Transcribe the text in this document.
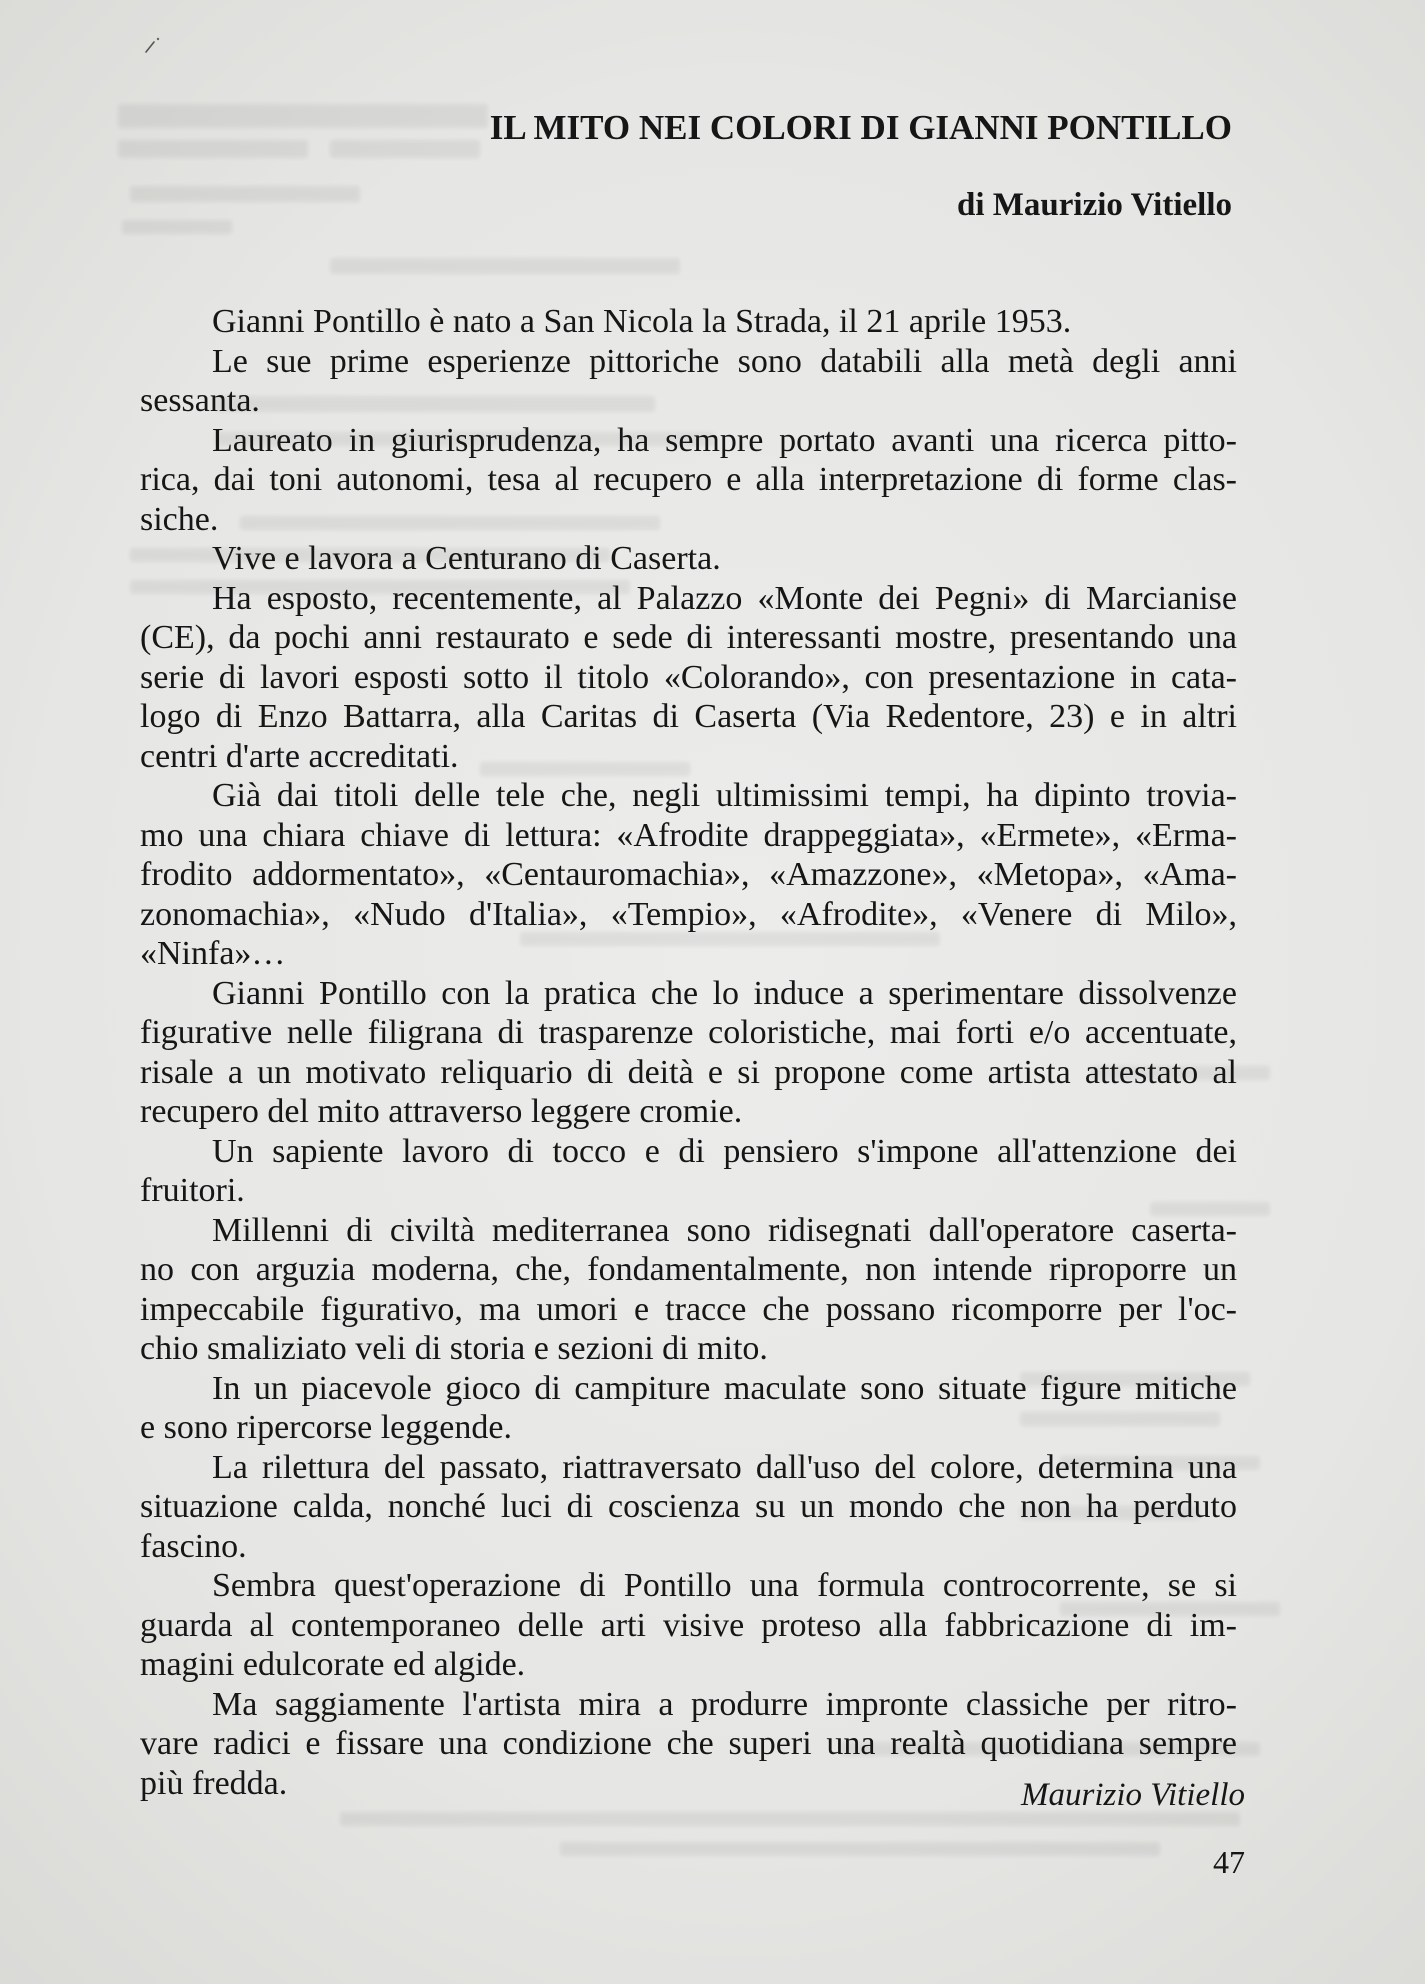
IL MITO NEI COLORI DI GIANNI PONTILLO
di Maurizio Vitiello
Gianni Pontillo è nato a San Nicola la Strada, il 21 aprile 1953.
Le sue prime esperienze pittoriche sono databili alla metà degli anni
sessanta.
Laureato in giurisprudenza, ha sempre portato avanti una ricerca pitto-
rica, dai toni autonomi, tesa al recupero e alla interpretazione di forme clas-
siche.
Vive e lavora a Centurano di Caserta.
Ha esposto, recentemente, al Palazzo «Monte dei Pegni» di Marcianise
(CE), da pochi anni restaurato e sede di interessanti mostre, presentando una
serie di lavori esposti sotto il titolo «Colorando», con presentazione in cata-
logo di Enzo Battarra, alla Caritas di Caserta (Via Redentore, 23) e in altri
centri d'arte accreditati.
Già dai titoli delle tele che, negli ultimissimi tempi, ha dipinto trovia-
mo una chiara chiave di lettura: «Afrodite drappeggiata», «Ermete», «Erma-
frodito addormentato», «Centauromachia», «Amazzone», «Metopa», «Ama-
zonomachia», «Nudo d'Italia», «Tempio», «Afrodite», «Venere di Milo»,
«Ninfa»…
Gianni Pontillo con la pratica che lo induce a sperimentare dissolvenze
figurative nelle filigrana di trasparenze coloristiche, mai forti e/o accentuate,
risale a un motivato reliquario di deità e si propone come artista attestato al
recupero del mito attraverso leggere cromie.
Un sapiente lavoro di tocco e di pensiero s'impone all'attenzione dei
fruitori.
Millenni di civiltà mediterranea sono ridisegnati dall'operatore caserta-
no con arguzia moderna, che, fondamentalmente, non intende riproporre un
impeccabile figurativo, ma umori e tracce che possano ricomporre per l'oc-
chio smaliziato veli di storia e sezioni di mito.
In un piacevole gioco di campiture maculate sono situate figure mitiche
e sono ripercorse leggende.
La rilettura del passato, riattraversato dall'uso del colore, determina una
situazione calda, nonché luci di coscienza su un mondo che non ha perduto
fascino.
Sembra quest'operazione di Pontillo una formula controcorrente, se si
guarda al contemporaneo delle arti visive proteso alla fabbricazione di im-
magini edulcorate ed algide.
Ma saggiamente l'artista mira a produrre impronte classiche per ritro-
vare radici e fissare una condizione che superi una realtà quotidiana sempre
più fredda.	Maurizio Vitiello
47
